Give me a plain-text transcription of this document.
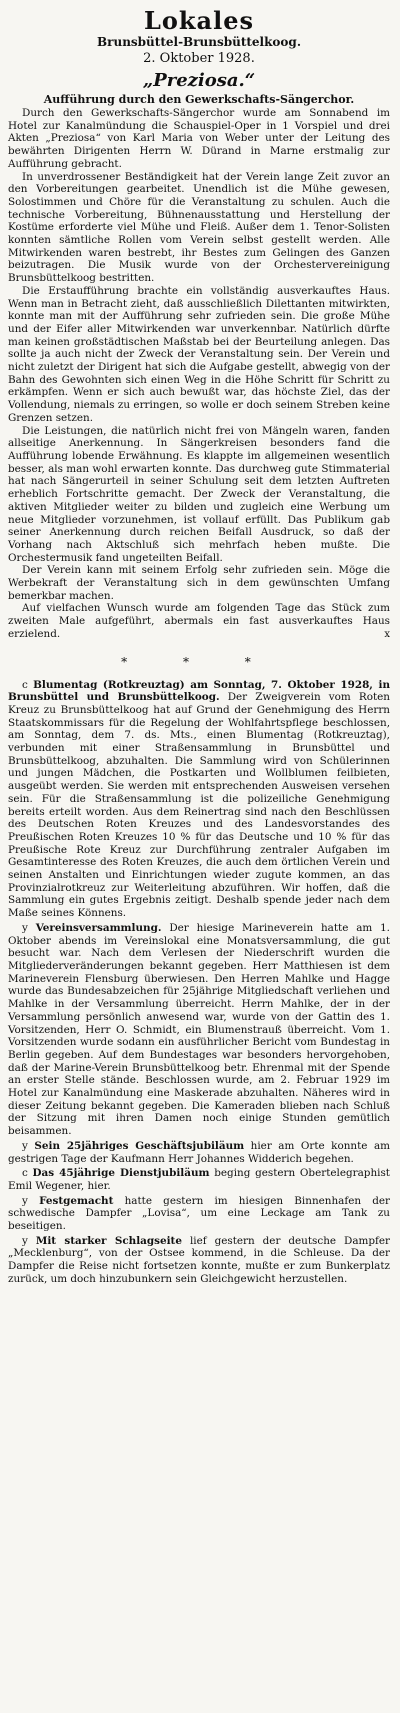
Lokales
Brunsbüttel-Brunsbüttelkoog.
2. Oktober 1928.
„Preziosa.“
Aufführung durch den Gewerkschafts-Sängerchor.

Durch den Gewerkschafts-Sängerchor wurde am Sonnabend im Hotel zur Kanalmündung die Schauspiel-Oper in 1 Vorspiel und drei Akten „Preziosa“ von Karl Maria von Weber unter der Leitung des bewährten Dirigenten Herrn W. Dürand in Marne erstmalig zur Aufführung gebracht.

In unverdrossener Beständigkeit hat der Verein lange Zeit zuvor an den Vorbereitungen gearbeitet. Unendlich ist die Mühe gewesen, Solostimmen und Chöre für die Veranstaltung zu schulen. Auch die technische Vorbereitung, Bühnenausstattung und Herstellung der Kostüme erforderte viel Mühe und Fleiß. Außer dem 1. Tenor-Solisten konnten sämtliche Rollen vom Verein selbst gestellt werden. Alle Mitwirkenden waren bestrebt, ihr Bestes zum Gelingen des Ganzen beizutragen. Die Musik wurde von der Orchestervereinigung Brunsbüttelkoog bestritten.

Die Erstaufführung brachte ein vollständig ausverkauftes Haus. Wenn man in Betracht zieht, daß ausschließlich Dilettanten mitwirkten, konnte man mit der Aufführung sehr zufrieden sein. Die große Mühe und der Eifer aller Mitwirkenden war unverkennbar. Natürlich dürfte man keinen großstädtischen Maßstab bei der Beurteilung anlegen. Das sollte ja auch nicht der Zweck der Veranstaltung sein. Der Verein und nicht zuletzt der Dirigent hat sich die Aufgabe gestellt, abwegig von der Bahn des Gewohnten sich einen Weg in die Höhe Schritt für Schritt zu erkämpfen. Wenn er sich auch bewußt war, das höchste Ziel, das der Vollendung, niemals zu erringen, so wolle er doch seinem Streben keine Grenzen setzen.

Die Leistungen, die natürlich nicht frei von Mängeln waren, fanden allseitige Anerkennung. In Sängerkreisen besonders fand die Aufführung lobende Erwähnung. Es klappte im allgemeinen wesentlich besser, als man wohl erwarten konnte. Das durchweg gute Stimmaterial hat nach Sängerurteil in seiner Schulung seit dem letzten Auftreten erheblich Fortschritte gemacht. Der Zweck der Veranstaltung, die aktiven Mitglieder weiter zu bilden und zugleich eine Werbung um neue Mitglieder vorzunehmen, ist vollauf erfüllt. Das Publikum gab seiner Anerkennung durch reichen Beifall Ausdruck, so daß der Vorhang nach Aktschluß sich mehrfach heben mußte. Die Orchestermusik fand ungeteilten Beifall.

Der Verein kann mit seinem Erfolg sehr zufrieden sein. Möge die Werbekraft der Veranstaltung sich in dem gewünschten Umfang bemerkbar machen.

Auf vielfachen Wunsch wurde am folgenden Tage das Stück zum zweiten Male aufgeführt, abermals ein fast ausverkauftes Haus erzielend.	x
* * *

c Blumentag (Rotkreuztag) am Sonntag, 7. Oktober 1928, in Brunsbüttel und Brunsbüttelkoog. Der Zweigverein vom Roten Kreuz zu Brunsbüttelkoog hat auf Grund der Genehmigung des Herrn Staatskommissars für die Regelung der Wohlfahrtspflege beschlossen, am Sonntag, dem 7. ds. Mts., einen Blumentag (Rotkreuztag), verbunden mit einer Straßensammlung in Brunsbüttel und Brunsbüttelkoog, abzuhalten. Die Sammlung wird von Schülerinnen und jungen Mädchen, die Postkarten und Wollblumen feilbieten, ausgeübt werden. Sie werden mit entsprechenden Ausweisen versehen sein. Für die Straßensammlung ist die polizeiliche Genehmigung bereits erteilt worden. Aus dem Reinertrag sind nach den Beschlüssen des Deutschen Roten Kreuzes und des Landesvorstandes des Preußischen Roten Kreuzes 10 % für das Deutsche und 10 % für das Preußische Rote Kreuz zur Durchführung zentraler Aufgaben im Gesamtinteresse des Roten Kreuzes, die auch dem örtlichen Verein und seinen Anstalten und Einrichtungen wieder zugute kommen, an das Provinzialrotkreuz zur Weiterleitung abzuführen. Wir hoffen, daß die Sammlung ein gutes Ergebnis zeitigt. Deshalb spende jeder nach dem Maße seines Könnens.

y Vereinsversammlung. Der hiesige Marineverein hatte am 1. Oktober abends im Vereinslokal eine Monatsversammlung, die gut besucht war. Nach dem Verlesen der Niederschrift wurden die Mitgliederveränderungen bekannt gegeben. Herr Matthiesen ist dem Marineverein Flensburg überwiesen. Den Herren Mahlke und Hagge wurde das Bundesabzeichen für 25jährige Mitgliedschaft verliehen und Mahlke in der Versammlung überreicht. Herrn Mahlke, der in der Versammlung persönlich anwesend war, wurde von der Gattin des 1. Vorsitzenden, Herr O. Schmidt, ein Blumenstrauß überreicht. Vom 1. Vorsitzenden wurde sodann ein ausführlicher Bericht vom Bundestag in Berlin gegeben. Auf dem Bundestages war besonders hervorgehoben, daß der Marine-Verein Brunsbüttelkoog betr. Ehrenmal mit der Spende an erster Stelle stände. Beschlossen wurde, am 2. Februar 1929 im Hotel zur Kanalmündung eine Maskerade abzuhalten. Näheres wird in dieser Zeitung bekannt gegeben. Die Kameraden blieben nach Schluß der Sitzung mit ihren Damen noch einige Stunden gemütlich beisammen.

y Sein 25jähriges Geschäftsjubiläum hier am Orte konnte am gestrigen Tage der Kaufmann Herr Johannes Widderich begehen.

c Das 45jährige Dienstjubiläum beging gestern Obertelegraphist Emil Wegener, hier.

y Festgemacht hatte gestern im hiesigen Binnenhafen der schwedische Dampfer „Lovisa“, um eine Leckage am Tank zu beseitigen.

y Mit starker Schlagseite lief gestern der deutsche Dampfer „Mecklenburg“, von der Ostsee kommend, in die Schleuse. Da der Dampfer die Reise nicht fortsetzen konnte, mußte er zum Bunkerplatz zurück, um doch hinzubunkern sein Gleichgewicht herzustellen.
